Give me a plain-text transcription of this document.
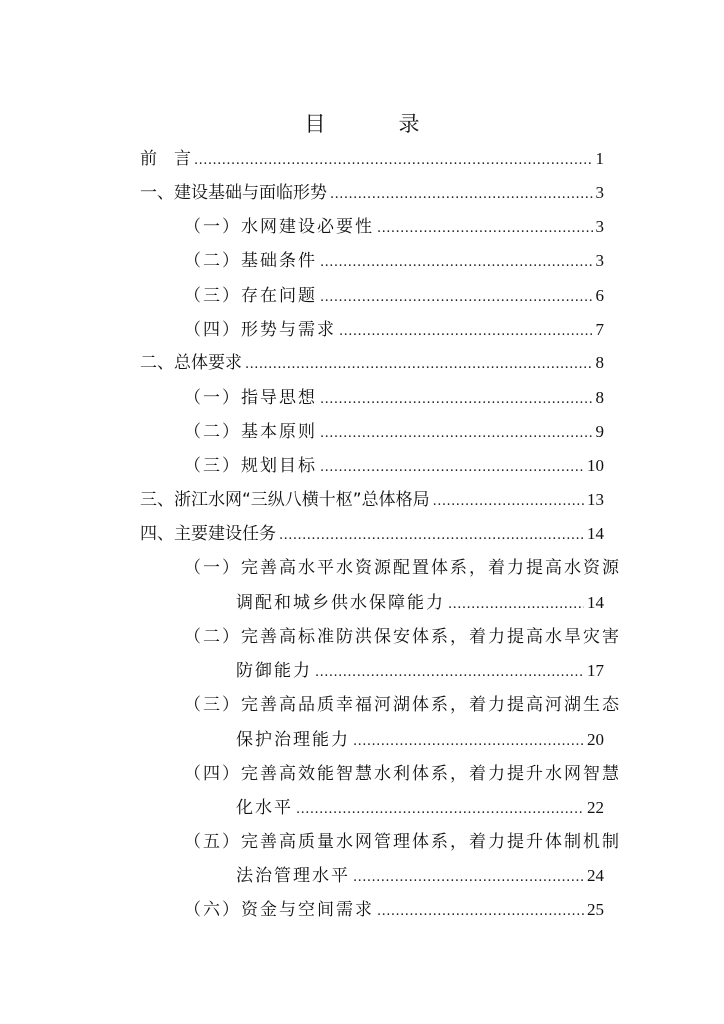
目　录
前　言 .....	1
一、建设基础与面临形势 .....	3
（一）水网建设必要性 .....	3
（二）基础条件 .....	3
（三）存在问题 .....	6
（四）形势与需求 .....	7
二、总体要求 .....	8
（一）指导思想 .....	8
（二）基本原则 .....	9
（三）规划目标 .....	10
三、浙江水网“三纵八横十枢”总体格局 .....	13
四、主要建设任务 .....	14
（一）完善高水平水资源配置体系，着力提高水资源
调配和城乡供水保障能力 .....	14
（二）完善高标准防洪保安体系，着力提高水旱灾害
防御能力 .....	17
（三）完善高品质幸福河湖体系，着力提高河湖生态
保护治理能力 .....	20
（四）完善高效能智慧水利体系，着力提升水网智慧
化水平 .....	22
（五）完善高质量水网管理体系，着力提升体制机制
法治管理水平 .....	24
（六）资金与空间需求 .....	25
